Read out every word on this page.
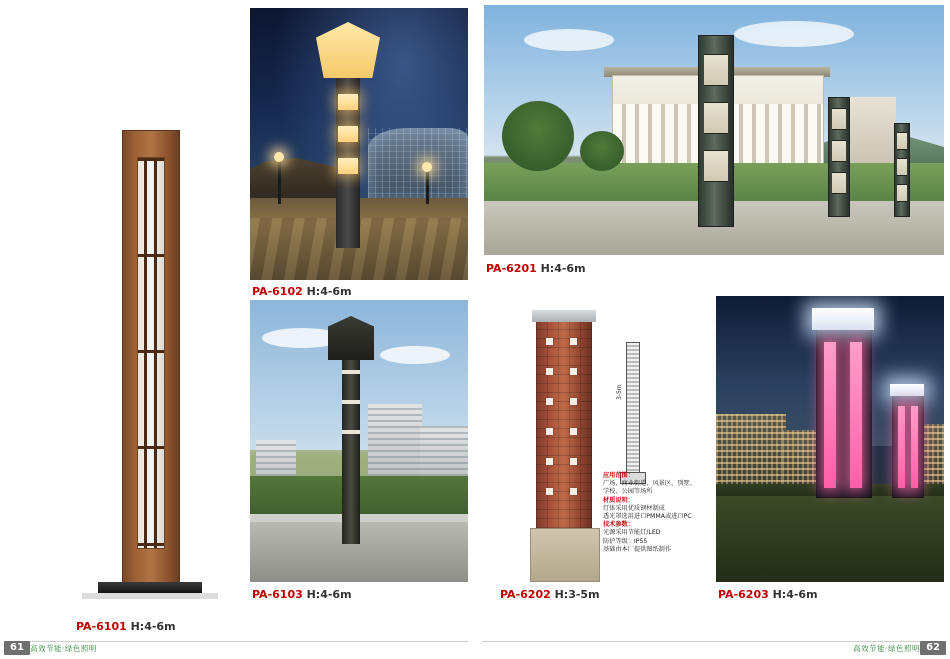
PA-6101 H:4-6m
PA-6102 H:4-6m
PA-6201 H:4-6m
PA-6103 H:4-6m
3-5m
PA-6202 H:3-5m
应用范围：
广场、商业街道、风景区、别墅、
学校、公园等场所
材质说明：
灯体采用优质钢材制成
透光罩选用进口PMMA或进口PC
技术参数：
光源采用节能灯/LED
防护等级：IP55
基础由本厂提供图纸制作
PA-6203 H:4-6m
61 高效节能·绿色照明	62
高效节能·绿色照明
